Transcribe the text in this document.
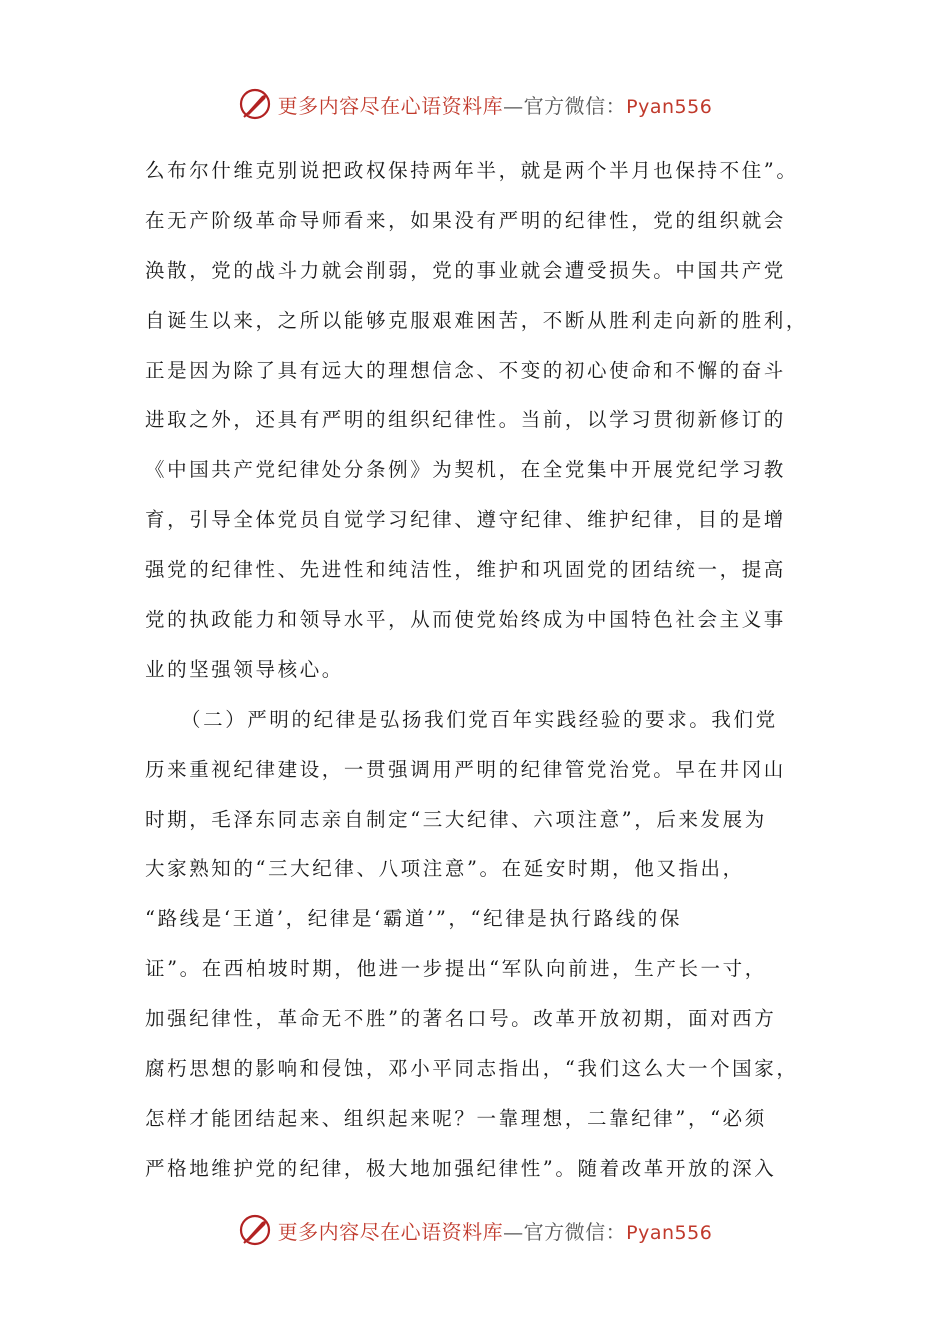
更多内容尽在心语资料库—官方微信：Pyan556
么布尔什维克别说把政权保持两年半，就是两个半月也保持不住”。
在无产阶级革命导师看来，如果没有严明的纪律性，党的组织就会
涣散，党的战斗力就会削弱，党的事业就会遭受损失。中国共产党
自诞生以来，之所以能够克服艰难困苦，不断从胜利走向新的胜利，
正是因为除了具有远大的理想信念、不变的初心使命和不懈的奋斗
进取之外，还具有严明的组织纪律性。当前，以学习贯彻新修订的
《中国共产党纪律处分条例》为契机，在全党集中开展党纪学习教
育，引导全体党员自觉学习纪律、遵守纪律、维护纪律，目的是增
强党的纪律性、先进性和纯洁性，维护和巩固党的团结统一，提高
党的执政能力和领导水平，从而使党始终成为中国特色社会主义事
业的坚强领导核心。
（二）严明的纪律是弘扬我们党百年实践经验的要求。我们党
历来重视纪律建设，一贯强调用严明的纪律管党治党。早在井冈山
时期，毛泽东同志亲自制定“三大纪律、六项注意”，后来发展为
大家熟知的“三大纪律、八项注意”。在延安时期，他又指出，
“路线是‘王道’，纪律是‘霸道’”，“纪律是执行路线的保
证”。在西柏坡时期，他进一步提出“军队向前进，生产长一寸，
加强纪律性，革命无不胜”的著名口号。改革开放初期，面对西方
腐朽思想的影响和侵蚀，邓小平同志指出，“我们这么大一个国家，
怎样才能团结起来、组织起来呢？一靠理想，二靠纪律”，“必须
严格地维护党的纪律，极大地加强纪律性”。随着改革开放的深入
更多内容尽在心语资料库—官方微信：Pyan556
